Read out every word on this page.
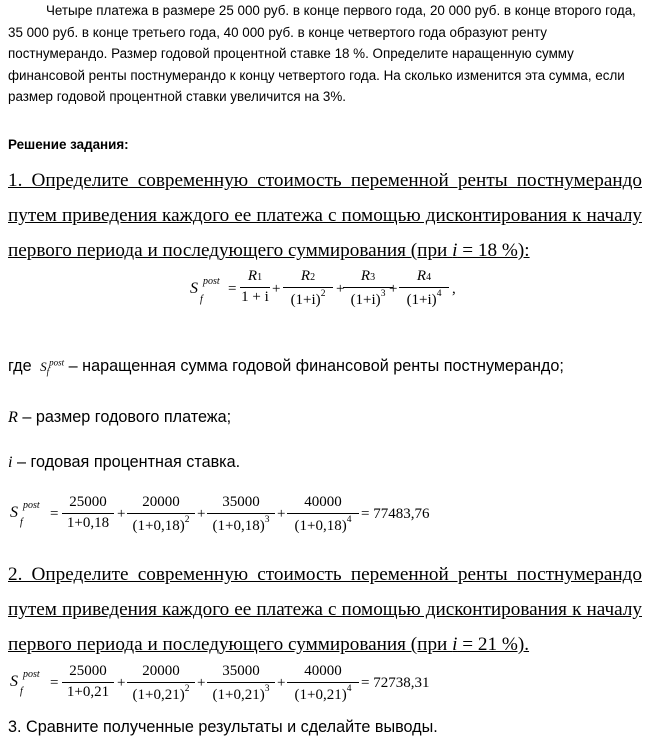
Четыре платежа в размере 25 000 руб. в конце первого года, 20 000 руб. в конце второго года, 35 000 руб. в конце третьего года, 40 000 руб. в конце четвертого года образуют ренту постнумерандо. Размер годовой процентной ставке 18 %. Определите наращенную сумму финансовой ренты постнумерандо к концу четвертого года. На сколько изменится эта сумма, если размер годовой процентной ставки увеличится на 3%.
Решение задания:
1. Определите современную стоимость переменной ренты постнумерандо путем приведения каждого ее платежа с помощью дисконтирования к началу первого периода и последующего суммирования (при i = 18 %):
S
f
post = $\frac{R1}{1 + i} + \frac{R2}{(1+i)^2}$ +
$\frac{R3}{(1+i)^3}$
+ $\frac{R4}{(1+i)^4}$ ,
где $S_f^{post}$ – наращенная сумма годовой финансовой ренты постнумерандо;
R – размер годового платежа;
i – годовая процентная ставка.
S
f
post
= $\frac{25000}{1+0,18} + \frac{20000}{(1+0,18)^2} + \frac{35000}{(1+0,18)^3} + \frac{40000}{(1+0,18)^4} = 77483,76$
2. Определите современную стоимость переменной ренты постнумерандо путем приведения каждого ее платежа с помощью дисконтирования к началу первого периода и последующего суммирования (при i = 21 %).
S
f
post
= $\frac{25000}{1+0,21} + \frac{20000}{(1+0,21)^2} + \frac{35000}{(1+0,21)^3} + \frac{40000}{(1+0,21)^4} = 72738,31$
3. Сравните полученные результаты и сделайте выводы.
